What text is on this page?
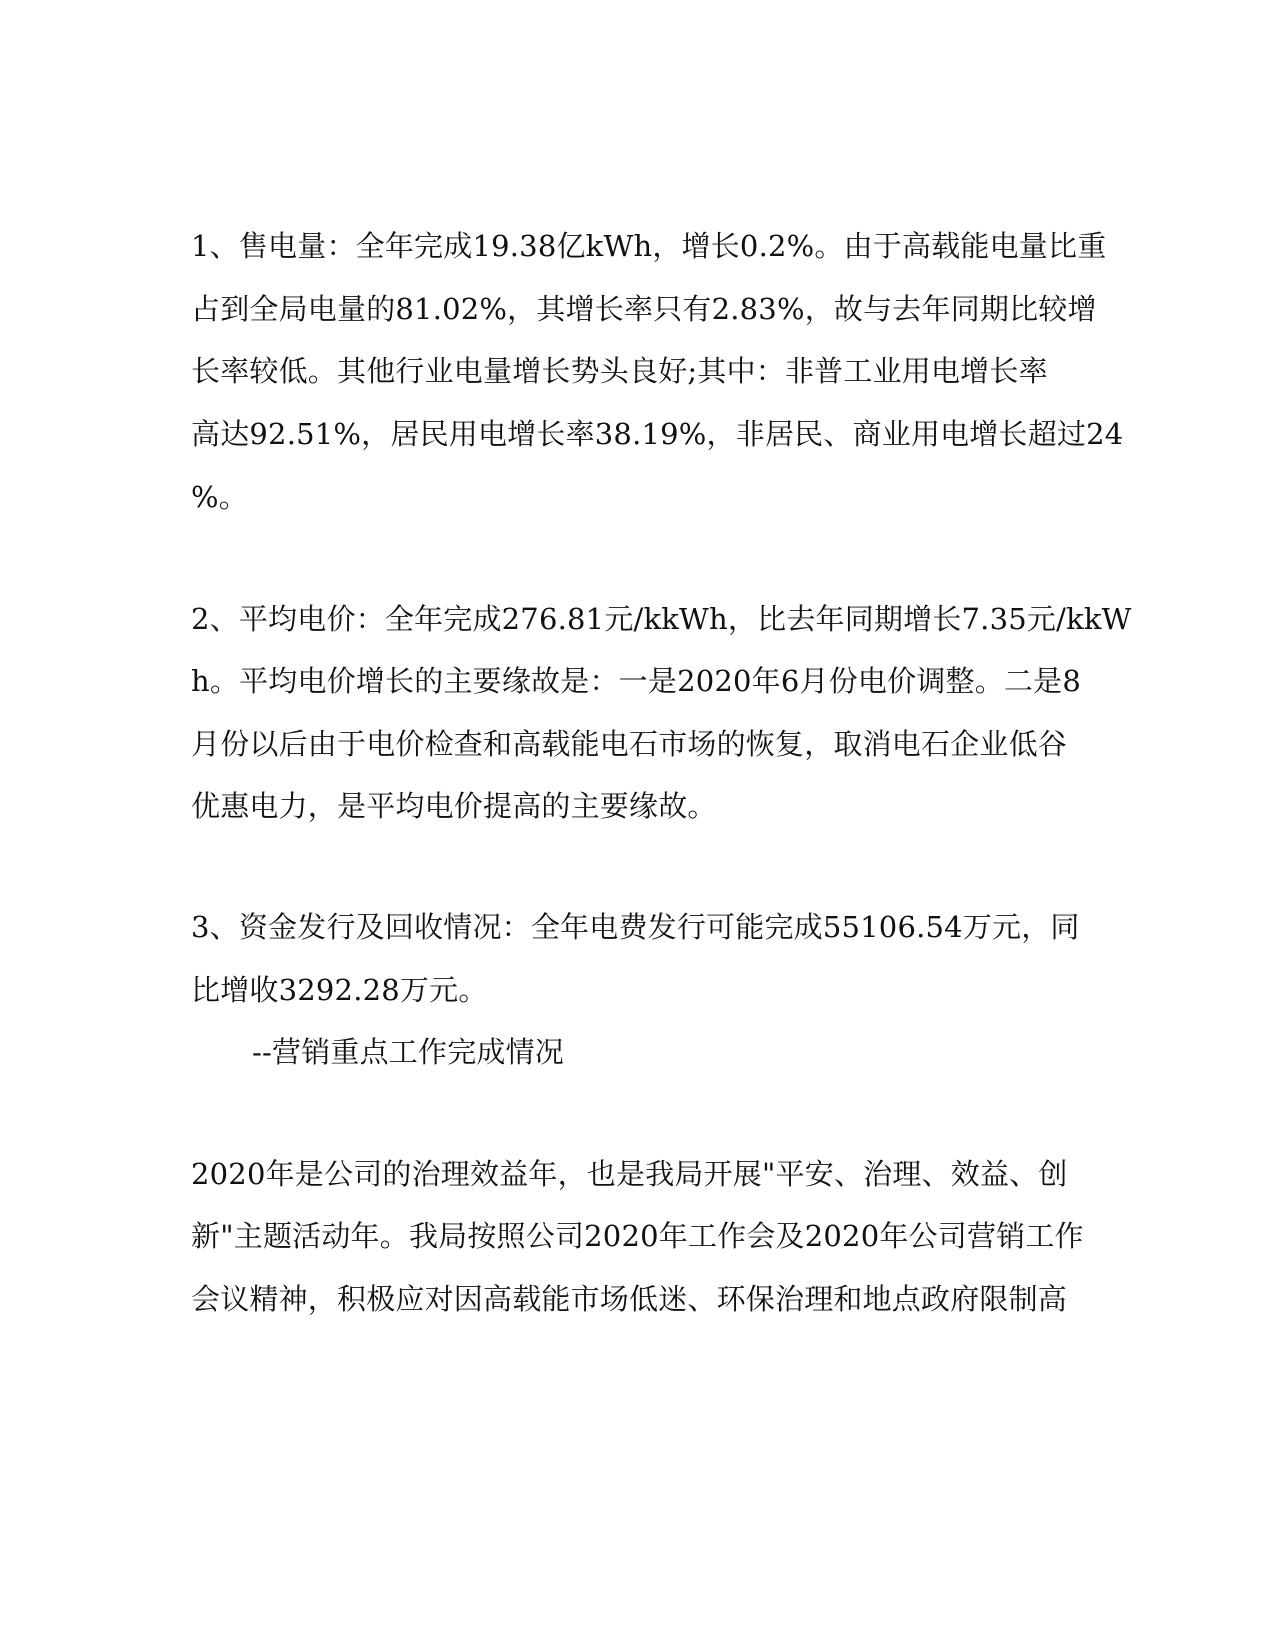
1、售电量：全年完成19.38亿kWh，增长0.2%。由于高载能电量比重
占到全局电量的81.02%，其增长率只有2.83%，故与去年同期比较增
长率较低。其他行业电量增长势头良好;其中：非普工业用电增长率
高达92.51%，居民用电增长率38.19%，非居民、商业用电增长超过24
%。
2、平均电价：全年完成276.81元/kkWh，比去年同期增长7.35元/kkW
h。平均电价增长的主要缘故是：一是2020年6月份电价调整。二是8
月份以后由于电价检查和高载能电石市场的恢复，取消电石企业低谷
优惠电力，是平均电价提高的主要缘故。
3、资金发行及回收情况：全年电费发行可能完成55106.54万元，同
比增收3292.28万元。
--营销重点工作完成情况
2020年是公司的治理效益年，也是我局开展"平安、治理、效益、创
新"主题活动年。我局按照公司2020年工作会及2020年公司营销工作
会议精神，积极应对因高载能市场低迷、环保治理和地点政府限制高
